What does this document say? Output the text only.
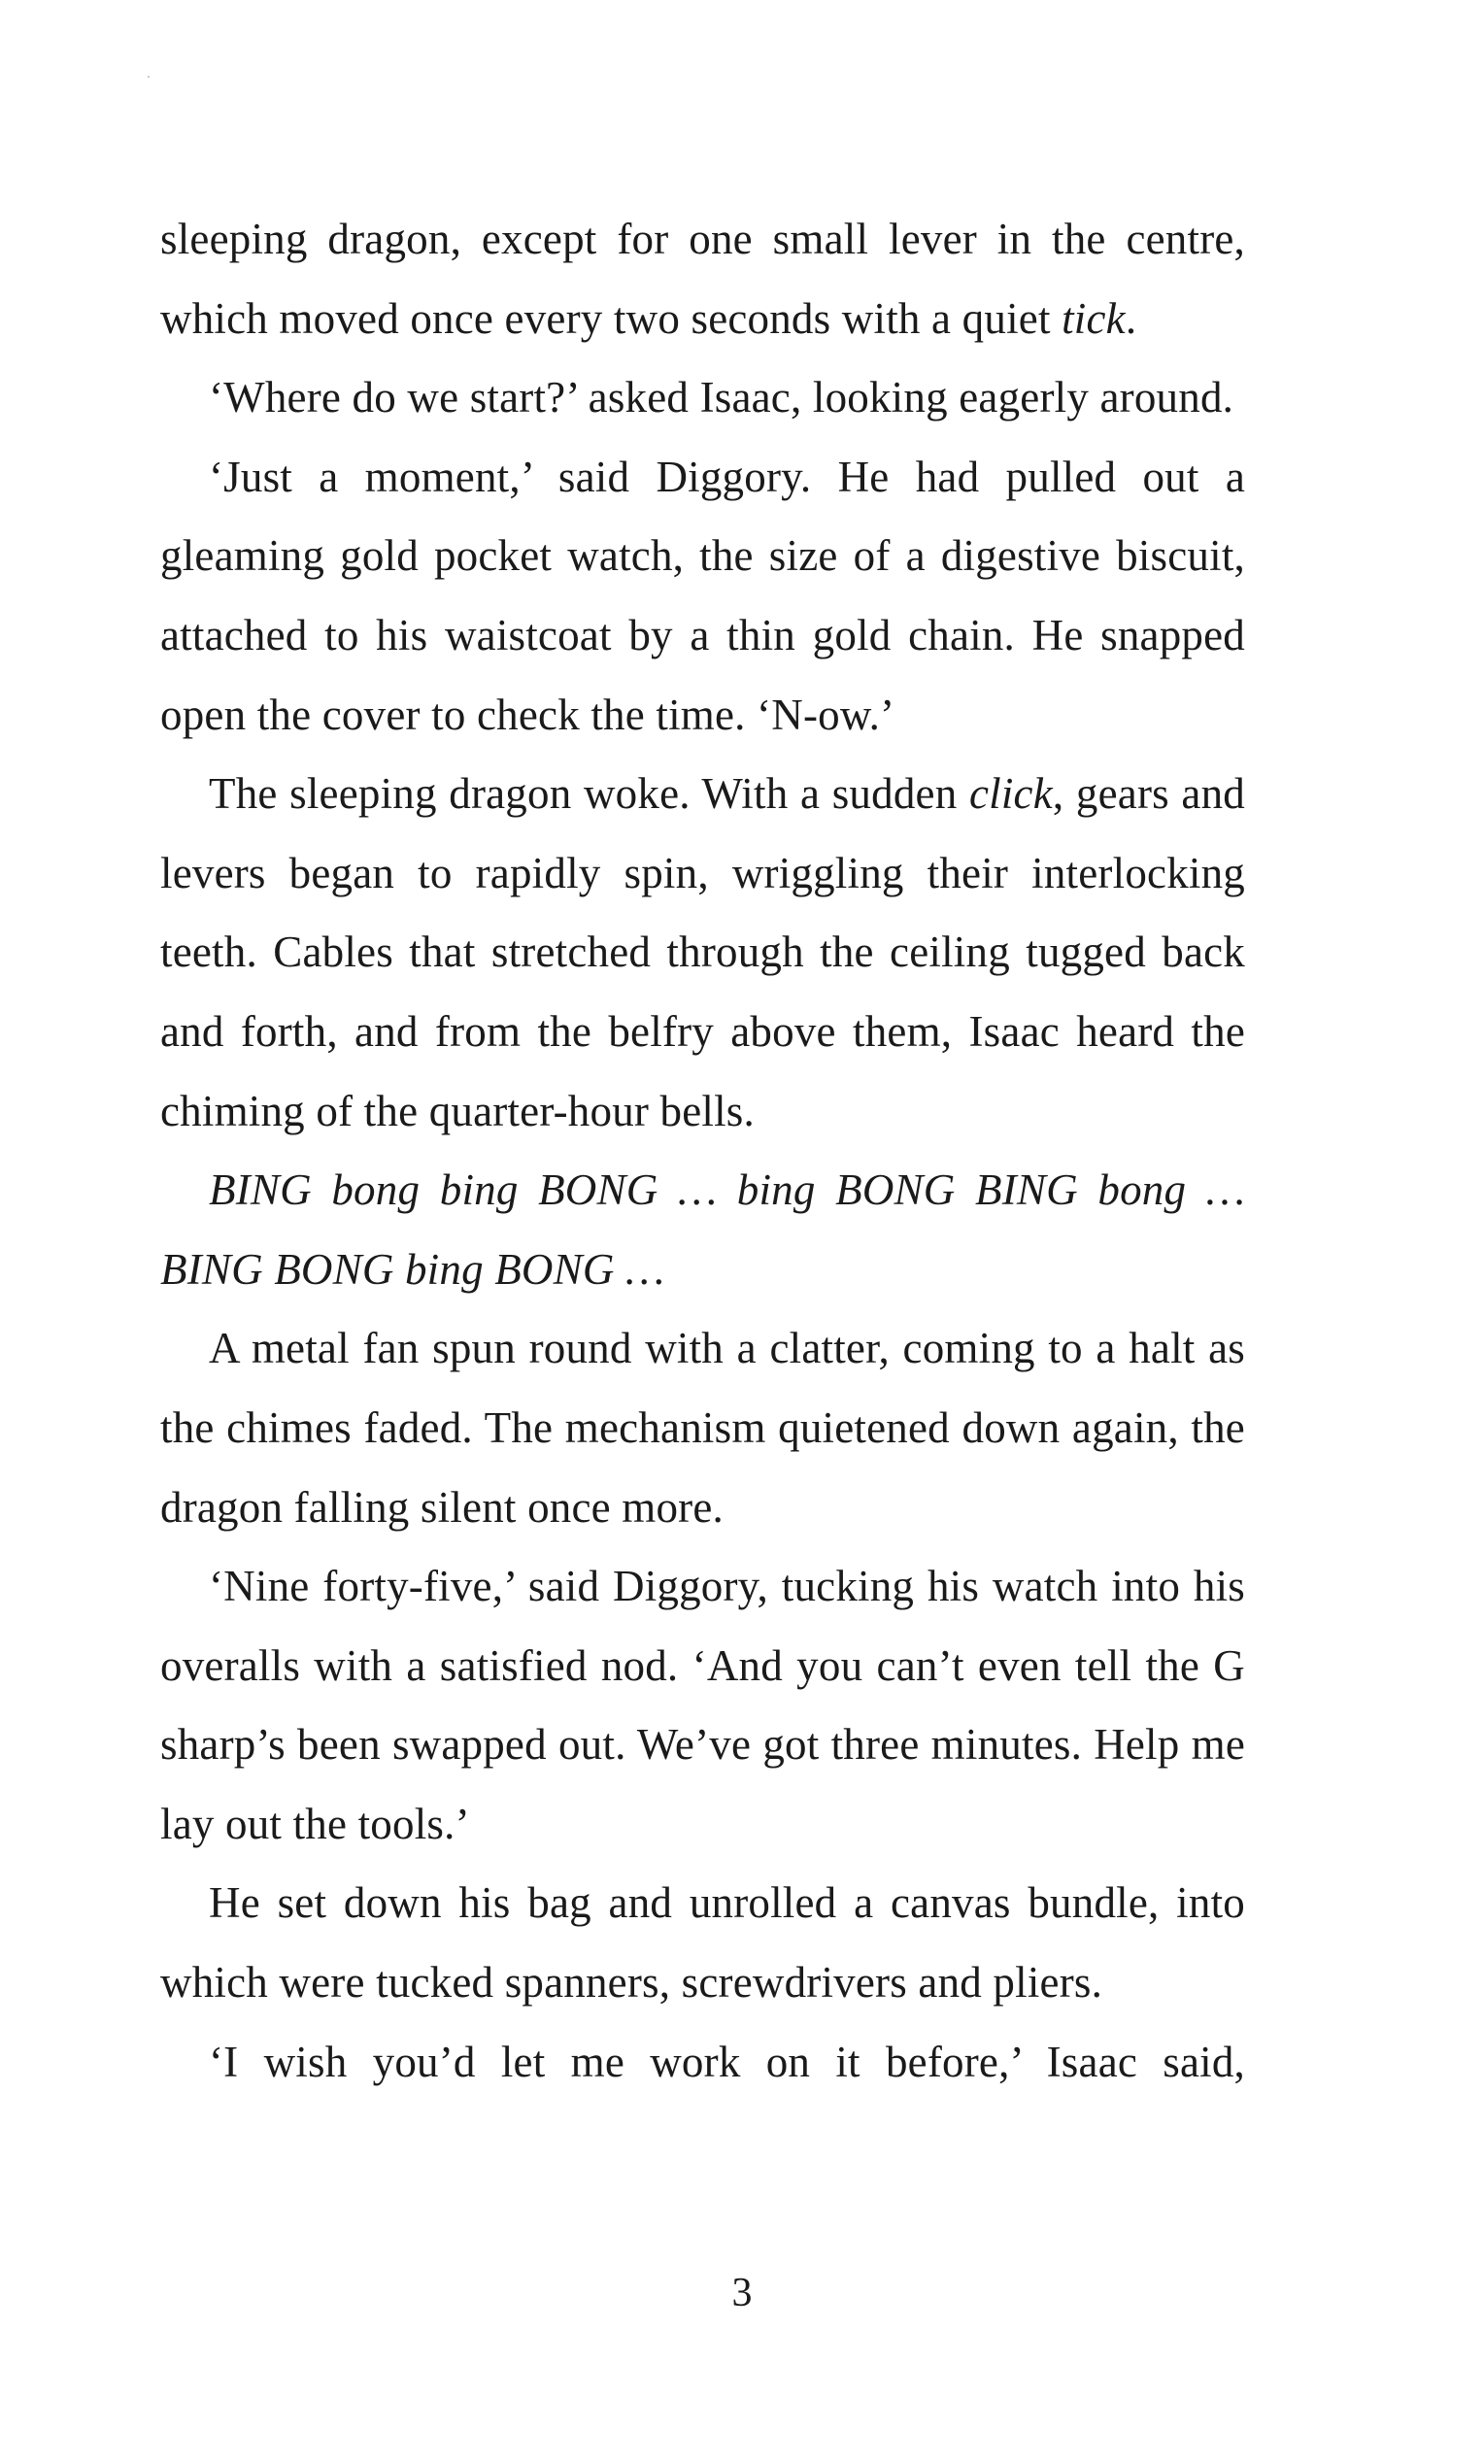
sleeping dragon, except for one small lever in the centre, which moved once every two seconds with a quiet tick.

‘Where do we start?’ asked Isaac, looking eagerly around.

‘Just a moment,’ said Diggory. He had pulled out a gleaming gold pocket watch, the size of a digestive biscuit, attached to his waistcoat by a thin gold chain. He snapped open the cover to check the time. ‘N-ow.’

The sleeping dragon woke. With a sudden click, gears and levers began to rapidly spin, wriggling their interlocking teeth. Cables that stretched through the ceiling tugged back and forth, and from the belfry above them, Isaac heard the chiming of the quarter-hour bells.

BING bong bing BONG … bing BONG BING bong … BING BONG bing BONG …

A metal fan spun round with a clatter, coming to a halt as the chimes faded. The mechanism quietened down again, the dragon falling silent once more.

‘Nine forty-five,’ said Diggory, tucking his watch into his overalls with a satisfied nod. ‘And you can’t even tell the G sharp’s been swapped out. We’ve got three minutes. Help me lay out the tools.’

He set down his bag and unrolled a canvas bundle, into which were tucked spanners, screwdrivers and pliers.

‘I wish you’d let me work on it before,’ Isaac said,

3
